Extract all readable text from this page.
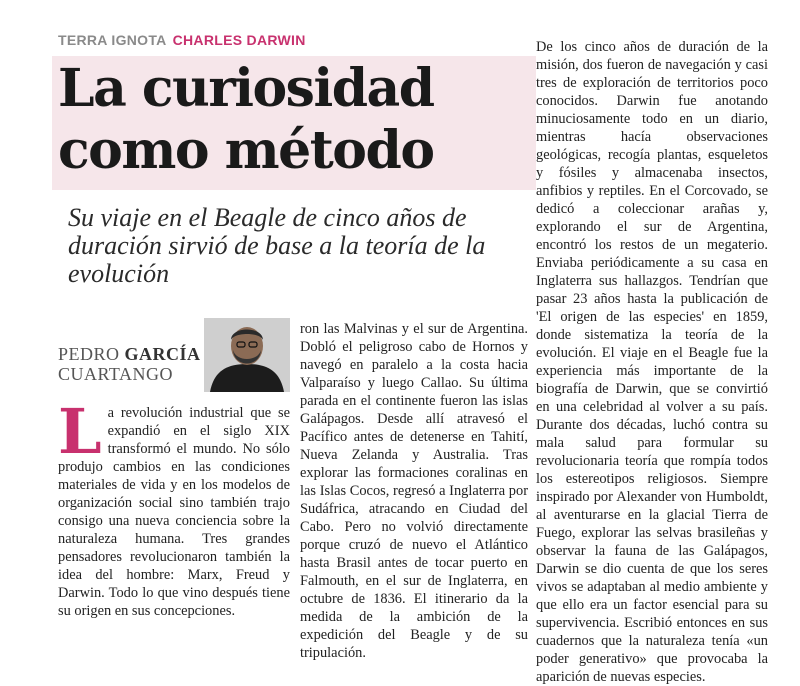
TERRA IGNOTA CHARLES DARWIN
La curiosidad
como método

Su viaje en el Beagle de cinco años de duración sirvió de base a la teoría de la evolución

PEDRO GARCÍA
CUARTANGO
L a revolución industrial que se expandió en el siglo XIX transformó el mundo. No sólo produjo cambios en las condiciones materiales de vida y en los modelos de organización social sino también trajo consigo una nueva conciencia sobre la naturaleza humana. Tres grandes pensadores revolucionaron también la idea del hombre: Marx, Freud y Darwin. Todo lo que vino después tiene su origen en sus concepciones.
ron las Malvinas y el sur de Argentina. Dobló el peligroso cabo de Hornos y navegó en paralelo a la costa hacia Valparaíso y luego Callao. Su última parada en el continente fueron las islas Galápagos. Desde allí atravesó el Pacífico antes de detenerse en Tahití, Nueva Zelanda y Australia. Tras explorar las formaciones coralinas en las Islas Cocos, regresó a Inglaterra por Sudáfrica, atracando en Ciudad del Cabo. Pero no volvió directamente porque cruzó de nuevo el Atlántico hasta Brasil antes de tocar puerto en Falmouth, en el sur de Inglaterra, en octubre de 1836. El itinerario da la medida de la ambición de la expedición del Beagle y de su tripulación.
De los cinco años de duración de la misión, dos fueron de navegación y casi tres de exploración de territorios poco conocidos. Darwin fue anotando minuciosamente todo en un diario, mientras hacía observaciones geológicas, recogía plantas, esqueletos y fósiles y almacenaba insectos, anfibios y reptiles. En el Corcovado, se dedicó a coleccionar arañas y, explorando el sur de Argentina, encontró los restos de un megaterio. Enviaba periódicamente a su casa en Inglaterra sus hallazgos. Tendrían que pasar 23 años hasta la publicación de 'El origen de las especies' en 1859, donde sistematiza la teoría de la evolución. El viaje en el Beagle fue la experiencia más importante de la biografía de Darwin, que se convirtió en una celebridad al volver a su país. Durante dos décadas, luchó contra su mala salud para formular su revolucionaria teoría que rompía todos los estereotipos religiosos. Siempre inspirado por Alexander von Humboldt, al aventurarse en la glacial Tierra de Fuego, explorar las selvas brasileñas y observar la fauna de las Galápagos, Darwin se dio cuenta de que los seres vivos se adaptaban al medio ambiente y que ello era un factor esencial para su supervivencia. Escribió entonces en sus cuadernos que la naturaleza tenía «un poder generativo» que provocaba la aparición de nuevas especies.
